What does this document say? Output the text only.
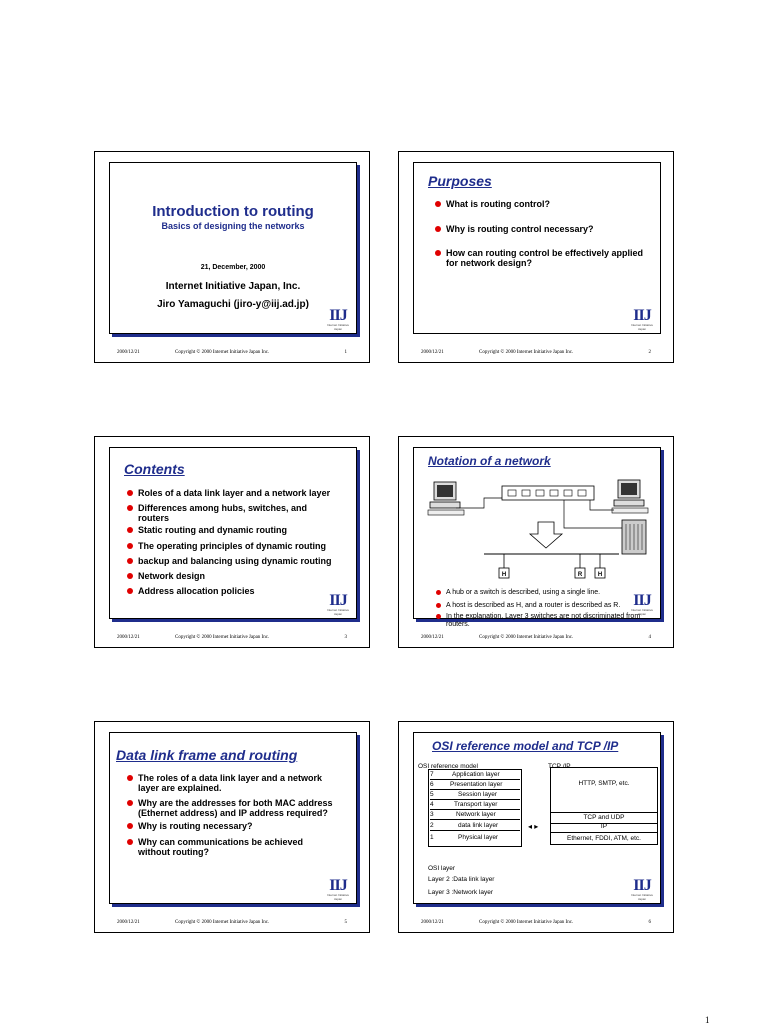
Introduction to routing
Basics of designing the networks
21, December, 2000
Internet Initiative Japan, Inc.
Jiro Yamaguchi (jiro-y@iij.ad.jp)
IIJ
Internet Initiative Japan
2000/12/21	Copyright © 2000 Internet Initiative Japan Inc.	1
Purposes
What is routing control?
Why is routing control necessary?
How can routing control be effectively applied for network design?
IIJ
Internet Initiative Japan
2000/12/21	Copyright © 2000 Internet Initiative Japan Inc.	2
Contents
Roles of a data link layer and a network layer
Differences among hubs, switches, and routers
Static routing and dynamic routing
The operating principles of dynamic routing
backup and balancing using dynamic routing
Network design
Address allocation policies
IIJ
Internet Initiative Japan
2000/12/21	Copyright © 2000 Internet Initiative Japan Inc.	3
Notation of a network
H	R	H
A hub or a switch is described, using a single line.
A host is described as H, and a router is described as R.
In the explanation, Layer 3 switches are not discriminated from routers.
IIJ
Internet Initiative Japan
2000/12/21	Copyright © 2000 Internet Initiative Japan Inc.	4
Data link frame and routing
The roles of a data link layer and a network layer are explained.
Why are the addresses for both MAC address (Ethernet address) and IP address required?
Why is routing necessary?
Why can communications be achieved without routing?
IIJ
Internet Initiative Japan
2000/12/21	Copyright © 2000 Internet Initiative Japan Inc.	5
OSI reference model and TCP /IP
OSI reference model	TCP /IP
7	Application layer
6	Presentation layer
5	Session layer
4	Transport layer
3	Network layer
2	data link layer
1	Physical layer
◂ ▸
HTTP, SMTP, etc.
TCP and UDP
IP
Ethernet, FDDI, ATM, etc.
OSI layer
Layer 2 :Data link layer
Layer 3 :Network layer	IIJ
Internet Initiative Japan
2000/12/21	Copyright © 2000 Internet Initiative Japan Inc.	6
1
